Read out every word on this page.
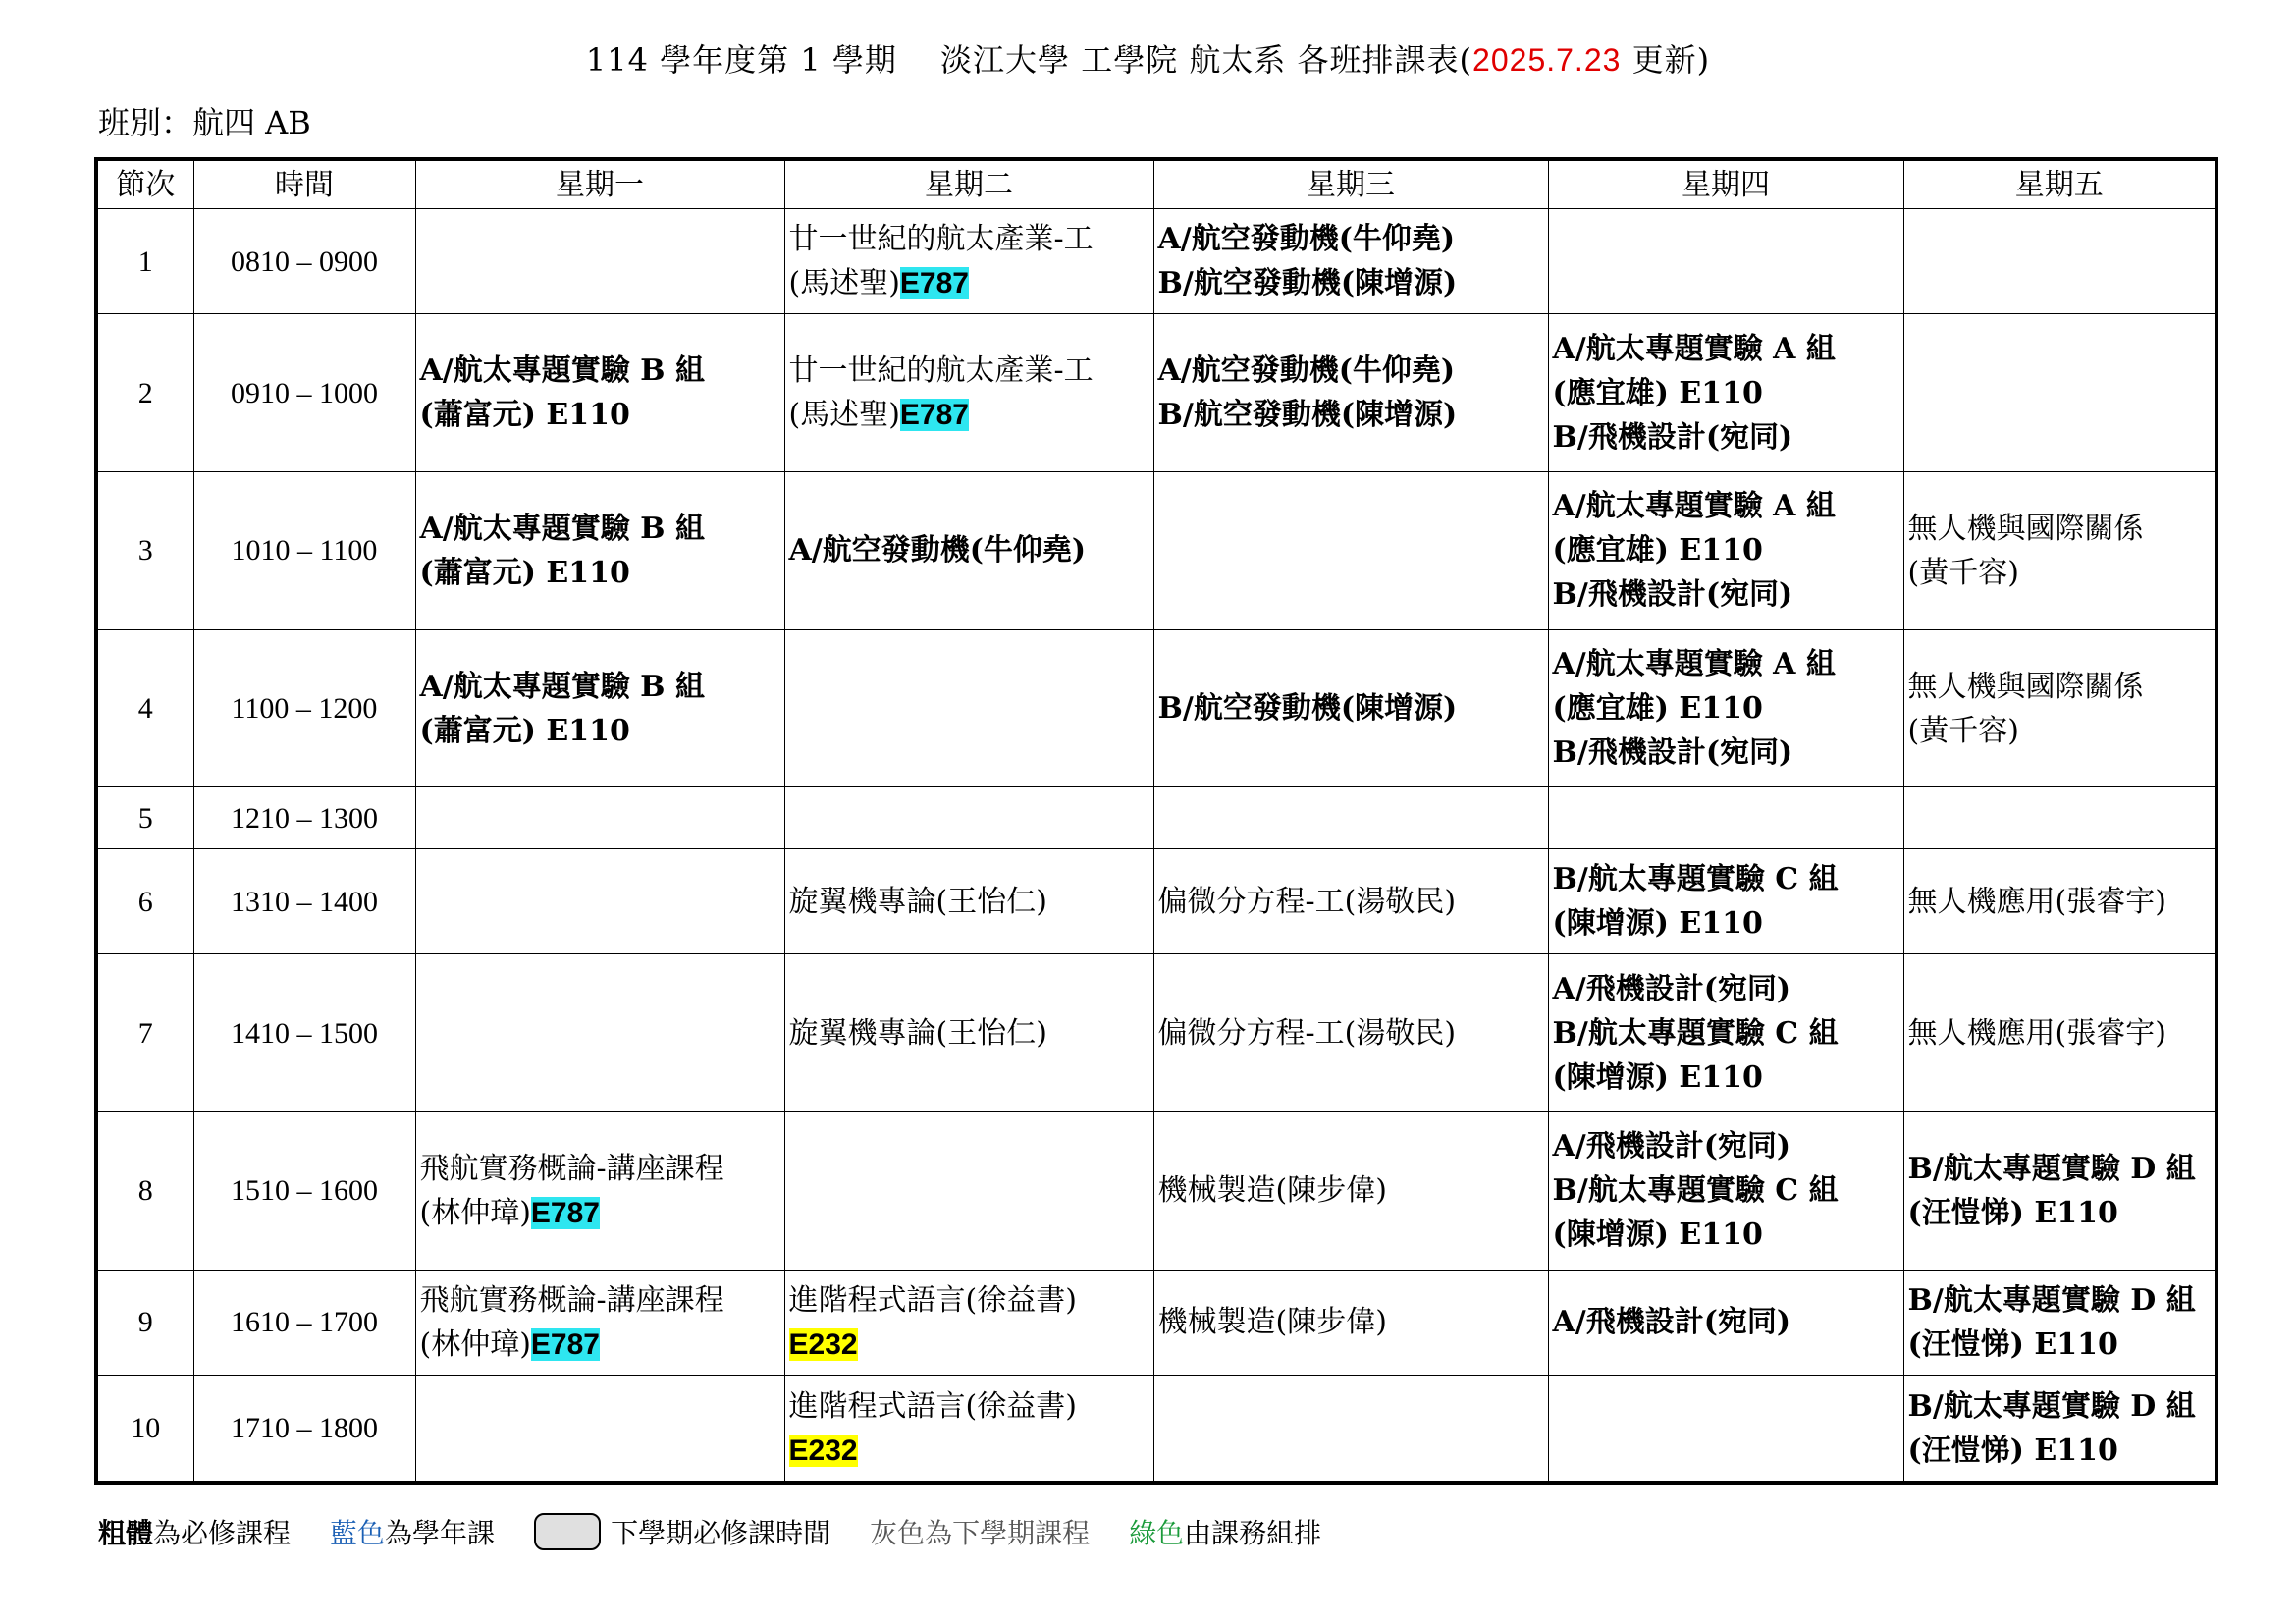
114 學年度第 1 學期　 淡江大學 工學院 航太系 各班排課表(2025.7.23 更新)
班別：航四 AB
節次	時間	星期一	星期二	星期三	星期四	星期五
1	0810 – 0900		廿一世紀的航太產業-工
(馬述聖)E787	A/航空發動機(牛仰堯)
B/航空發動機(陳增源)		

2	0910 – 1000	A/航太專題實驗 B 組
(蕭富元) E110	廿一世紀的航太產業-工
(馬述聖)E787	A/航空發動機(牛仰堯)
B/航空發動機(陳增源)	A/航太專題實驗 A 組
(應宜雄) E110
B/飛機設計(宛同)	

3	1010 – 1100	A/航太專題實驗 B 組
(蕭富元) E110	A/航空發動機(牛仰堯)		A/航太專題實驗 A 組
(應宜雄) E110
B/飛機設計(宛同)	無人機與國際關係
(黃千容)

4	1100 – 1200	A/航太專題實驗 B 組
(蕭富元) E110		B/航空發動機(陳增源)	A/航太專題實驗 A 組
(應宜雄) E110
B/飛機設計(宛同)	無人機與國際關係
(黃千容)

5	1210 – 1300					
6	1310 – 1400		旋翼機專論(王怡仁)	偏微分方程-工(湯敬民)	B/航太專題實驗 C 組
(陳增源) E110	無人機應用(張睿宇)

7	1410 – 1500		旋翼機專論(王怡仁)	偏微分方程-工(湯敬民)	A/飛機設計(宛同)
B/航太專題實驗 C 組
(陳增源) E110	無人機應用(張睿宇)

8	1510 – 1600	飛航實務概論-講座課程
(林仲璋)E787		機械製造(陳步偉)	A/飛機設計(宛同)
B/航太專題實驗 C 組
(陳增源) E110	B/航太專題實驗 D 組
(汪愷悌) E110

9	1610 – 1700	飛航實務概論-講座課程
(林仲璋)E787	進階程式語言(徐益書)
E232	機械製造(陳步偉)	A/飛機設計(宛同)	B/航太專題實驗 D 組
(汪愷悌) E110

10	1710 – 1800		進階程式語言(徐益書)
E232			B/航太專題實驗 D 組
(汪愷悌) E110
粗體 為必修課程 藍色 為學年課	下學期必修課時間 灰色為下學期課程 綠色 由課務組排
